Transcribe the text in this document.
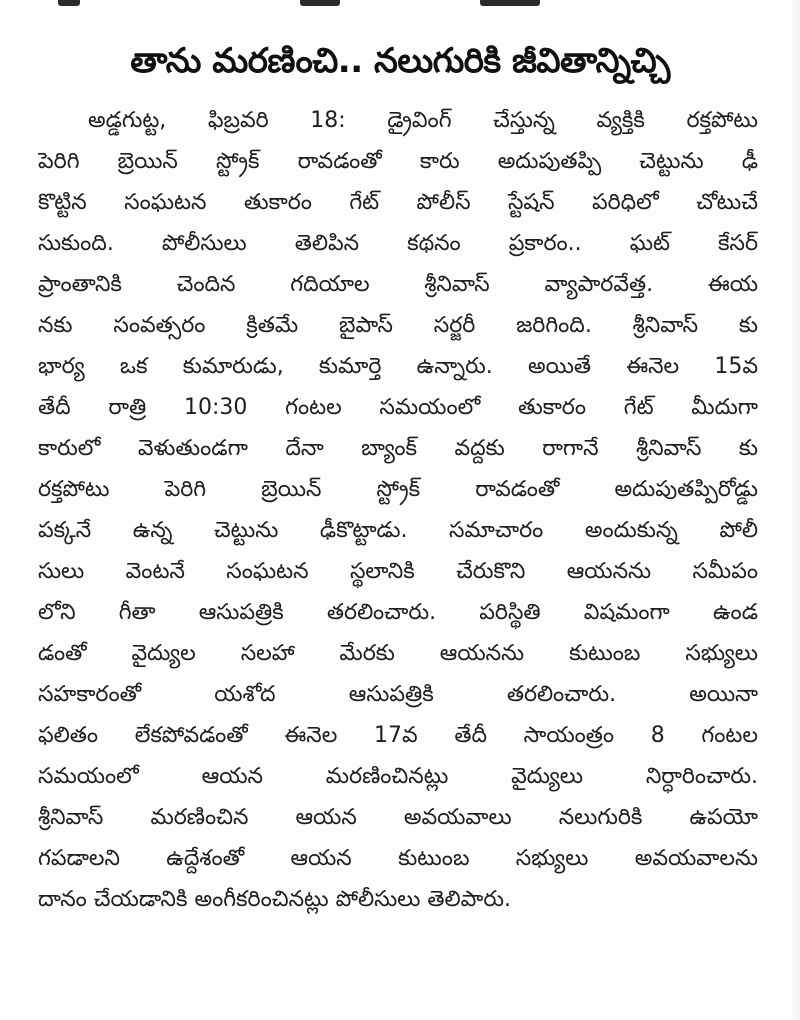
తాను మరణించి.. నలుగురికి జీవితాన్నిచ్చి
అడ్డగుట్ట, ఫిబ్రవరి 18: డ్రైవింగ్ చేస్తున్న వ్యక్తికి రక్తపోటు
పెరిగి బ్రెయిన్ స్ట్రోక్ రావడంతో కారు అదుపుతప్పి చెట్టును ఢీ
కొట్టిన సంఘటన తుకారం గేట్ పోలీస్ స్టేషన్ పరిధిలో చోటుచే
సుకుంది. పోలీసులు తెలిపిన కథనం ప్రకారం.. ఘట్ కేసర్
ప్రాంతానికి చెందిన గదియాల శ్రీనివాస్ వ్యాపారవేత్త. ఈయ
నకు సంవత్సరం క్రితమే బైపాస్ సర్జరీ జరిగింది. శ్రీనివాస్ కు
భార్య ఒక కుమారుడు, కుమార్తె ఉన్నారు. అయితే ఈనెల 15వ
తేదీ రాత్రి 10:30 గంటల సమయంలో తుకారం గేట్ మీదుగా
కారులో వెళుతుండగా దేనా బ్యాంక్ వద్దకు రాగానే శ్రీనివాస్ కు
రక్తపోటు పెరిగి బ్రెయిన్ స్ట్రోక్ రావడంతో అదుపుతప్పిరోడ్డు
పక్కనే ఉన్న చెట్టును ఢీకొట్టాడు. సమాచారం అందుకున్న పోలీ
సులు వెంటనే సంఘటన స్థలానికి చేరుకొని ఆయనను సమీపం
లోని గీతా ఆసుపత్రికి తరలించారు. పరిస్థితి విషమంగా ఉండ
డంతో వైద్యుల సలహా మేరకు ఆయనను కుటుంబ సభ్యులు
సహకారంతో యశోద ఆసుపత్రికి తరలించారు. అయినా
ఫలితం లేకపోవడంతో ఈనెల 17వ తేదీ సాయంత్రం 8 గంటల
సమయంలో ఆయన మరణించినట్లు వైద్యులు నిర్ధారించారు.
శ్రీనివాస్ మరణించిన ఆయన అవయవాలు నలుగురికి ఉపయో
గపడాలని ఉద్దేశంతో ఆయన కుటుంబ సభ్యులు అవయవాలను
దానం చేయడానికి అంగీకరించినట్లు పోలీసులు తెలిపారు.
